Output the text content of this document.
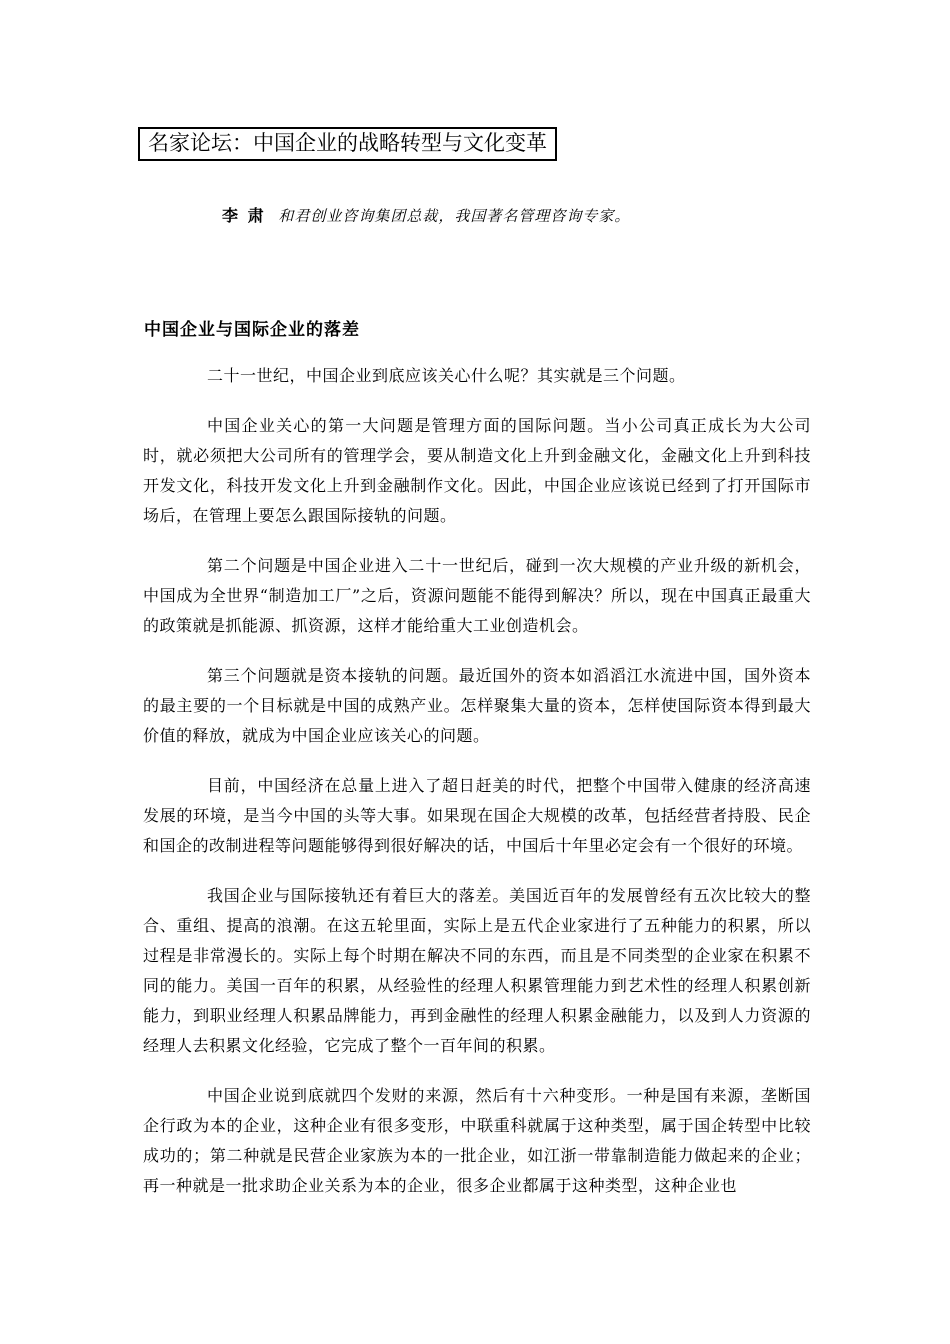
名家论坛：中国企业的战略转型与文化变革
李 肃 和君创业咨询集团总裁，我国著名管理咨询专家。
中国企业与国际企业的落差

二十一世纪，中国企业到底应该关心什么呢？其实就是三个问题。

中国企业关心的第一大问题是管理方面的国际问题。当小公司真正成长为大公司时，就必须把大公司所有的管理学会，要从制造文化上升到金融文化，金融文化上升到科技开发文化，科技开发文化上升到金融制作文化。因此，中国企业应该说已经到了打开国际市场后，在管理上要怎么跟国际接轨的问题。

第二个问题是中国企业进入二十一世纪后，碰到一次大规模的产业升级的新机会，中国成为全世界“制造加工厂”之后，资源问题能不能得到解决？所以，现在中国真正最重大的政策就是抓能源、抓资源，这样才能给重大工业创造机会。

第三个问题就是资本接轨的问题。最近国外的资本如滔滔江水流进中国，国外资本的最主要的一个目标就是中国的成熟产业。怎样聚集大量的资本，怎样使国际资本得到最大价值的释放，就成为中国企业应该关心的问题。

目前，中国经济在总量上进入了超日赶美的时代，把整个中国带入健康的经济高速发展的环境，是当今中国的头等大事。如果现在国企大规模的改革，包括经营者持股、民企和国企的改制进程等问题能够得到很好解决的话，中国后十年里必定会有一个很好的环境。

我国企业与国际接轨还有着巨大的落差。美国近百年的发展曾经有五次比较大的整合、重组、提高的浪潮。在这五轮里面，实际上是五代企业家进行了五种能力的积累，所以过程是非常漫长的。实际上每个时期在解决不同的东西，而且是不同类型的企业家在积累不同的能力。美国一百年的积累，从经验性的经理人积累管理能力到艺术性的经理人积累创新能力，到职业经理人积累品牌能力，再到金融性的经理人积累金融能力，以及到人力资源的经理人去积累文化经验，它完成了整个一百年间的积累。

中国企业说到底就四个发财的来源，然后有十六种变形。一种是国有来源，垄断国企行政为本的企业，这种企业有很多变形，中联重科就属于这种类型，属于国企转型中比较成功的；第二种就是民营企业家族为本的一批企业，如江浙一带靠制造能力做起来的企业；再一种就是一批求助企业关系为本的企业，很多企业都属于这种类型，这种企业也
